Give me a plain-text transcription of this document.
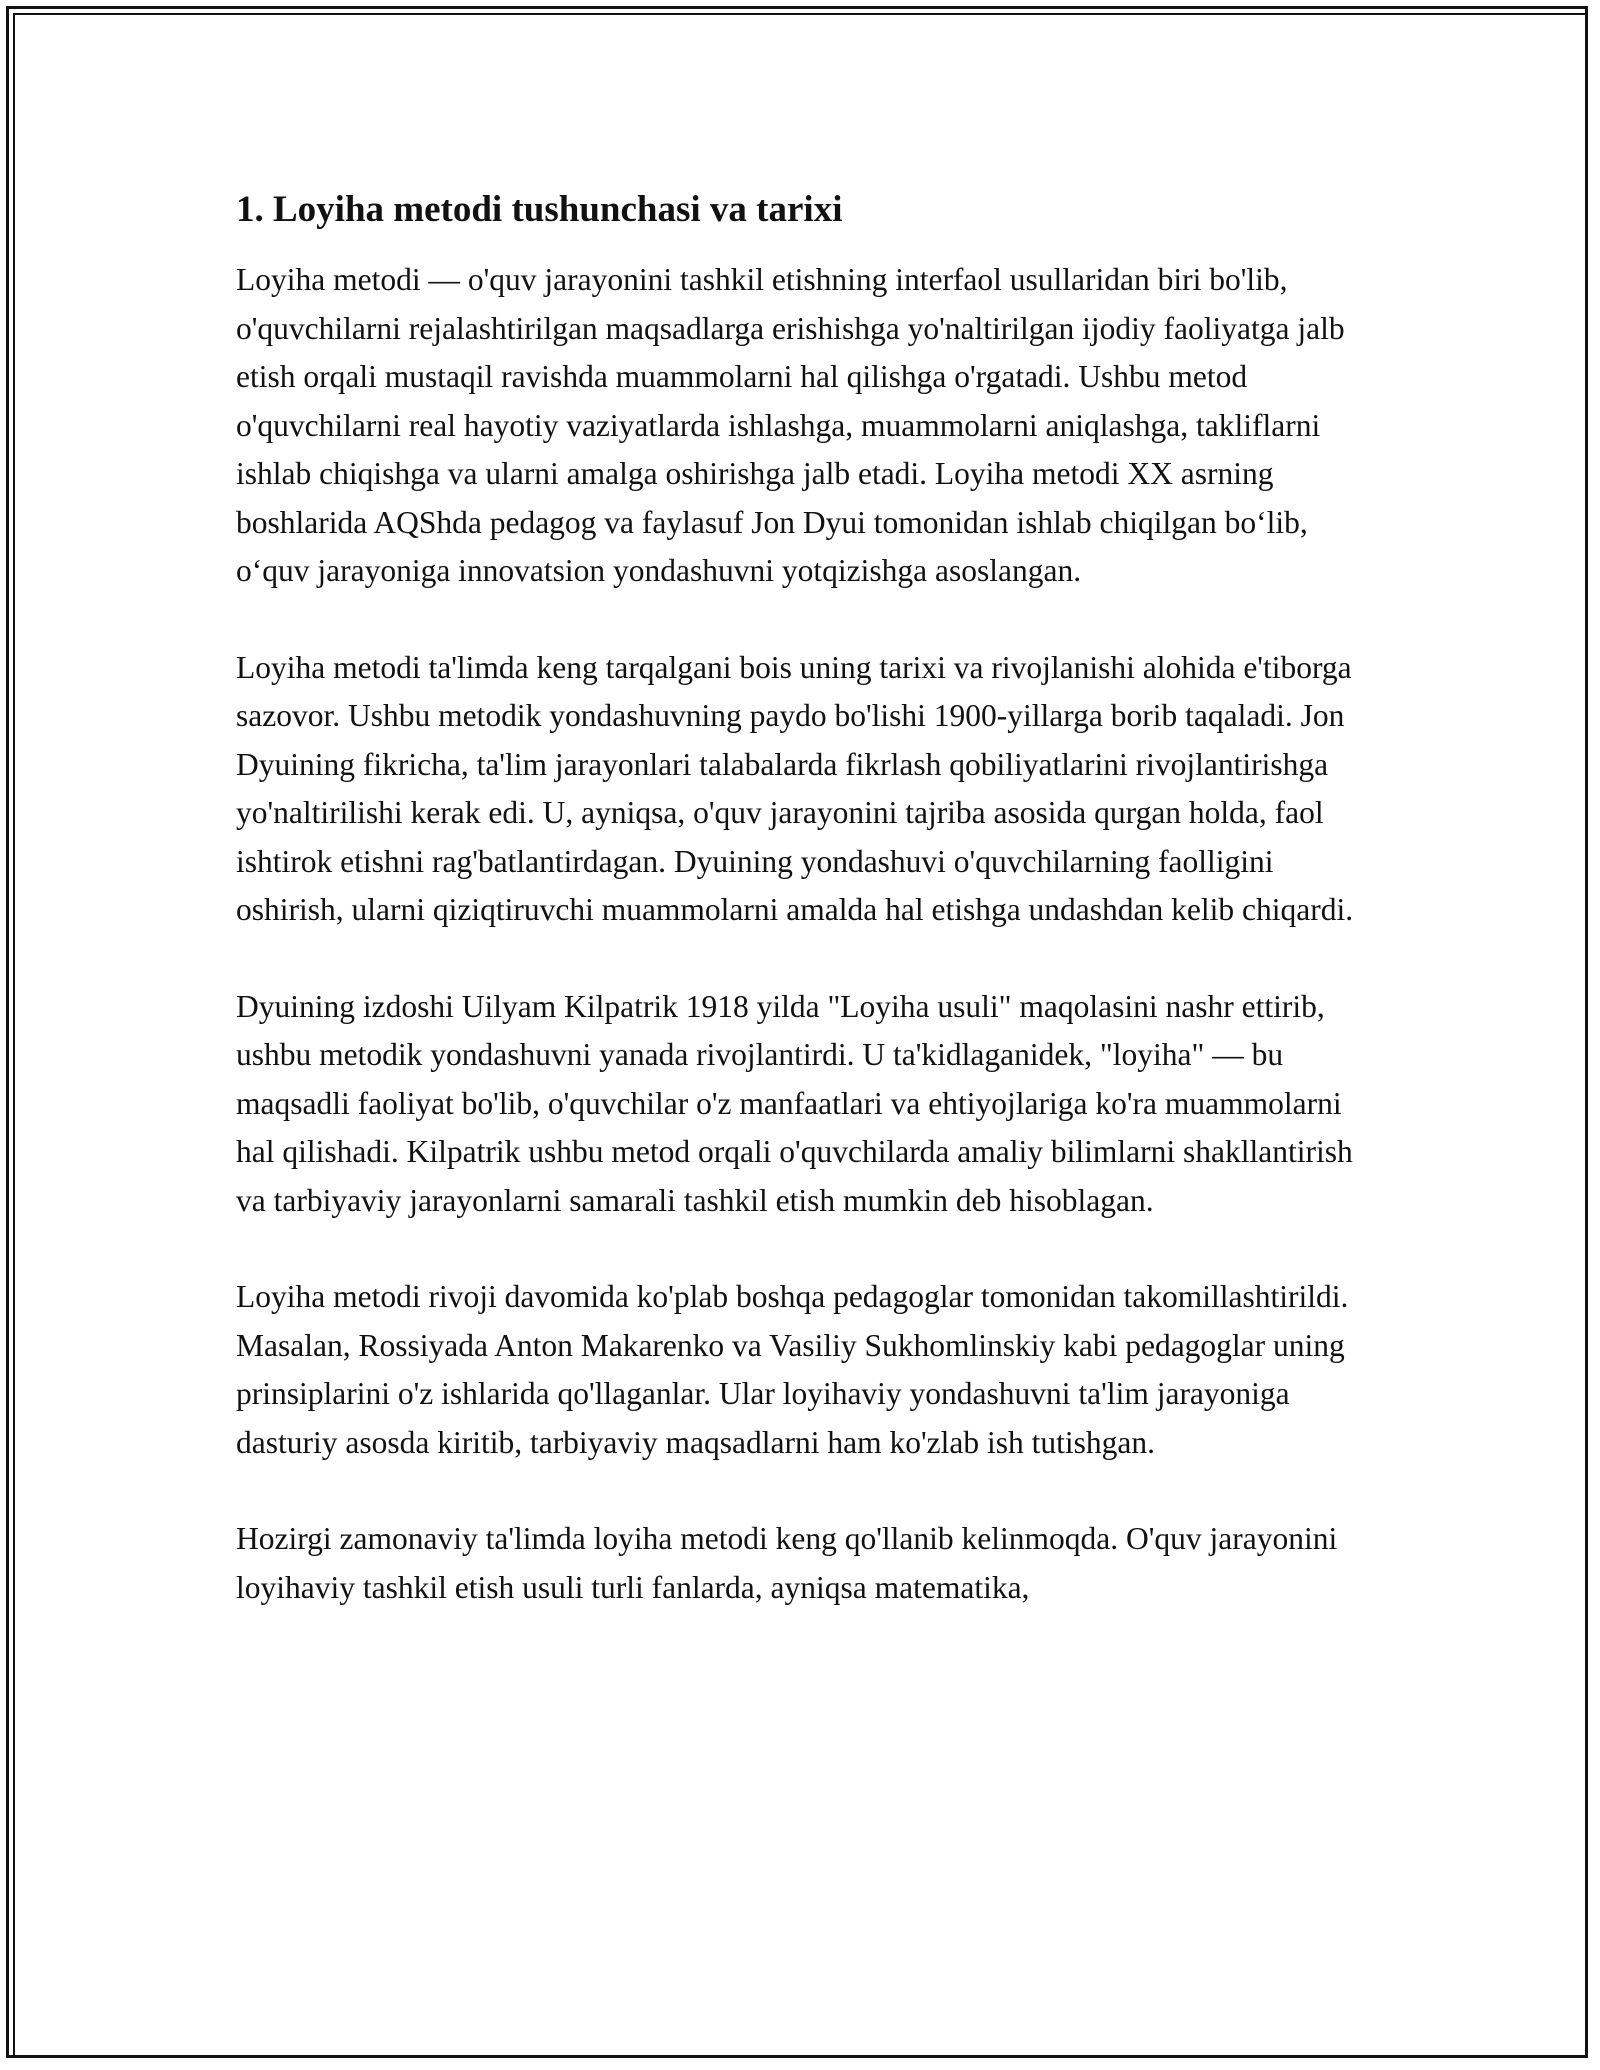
1. Loyiha metodi tushunchasi va tarixi

Loyiha metodi — o'quv jarayonini tashkil etishning interfaol usullaridan biri bo'lib, o'quvchilarni rejalashtirilgan maqsadlarga erishishga yo'naltirilgan ijodiy faoliyatga jalb etish orqali mustaqil ravishda muammolarni hal qilishga o'rgatadi. Ushbu metod o'quvchilarni real hayotiy vaziyatlarda ishlashga, muammolarni aniqlashga, takliflarni ishlab chiqishga va ularni amalga oshirishga jalb etadi. Loyiha metodi XX asrning boshlarida AQShda pedagog va faylasuf Jon Dyui tomonidan ishlab chiqilgan bo‘lib, o‘quv jarayoniga innovatsion yondashuvni yotqizishga asoslangan.

Loyiha metodi ta'limda keng tarqalgani bois uning tarixi va rivojlanishi alohida e'tiborga sazovor. Ushbu metodik yondashuvning paydo bo'lishi 1900-yillarga borib taqaladi. Jon Dyuining fikricha, ta'lim jarayonlari talabalarda fikrlash qobiliyatlarini rivojlantirishga yo'naltirilishi kerak edi. U, ayniqsa, o'quv jarayonini tajriba asosida qurgan holda, faol ishtirok etishni rag'batlantirdagan. Dyuining yondashuvi o'quvchilarning faolligini oshirish, ularni qiziqtiruvchi muammolarni amalda hal etishga undashdan kelib chiqardi.

Dyuining izdoshi Uilyam Kilpatrik 1918 yilda "Loyiha usuli" maqolasini nashr ettirib, ushbu metodik yondashuvni yanada rivojlantirdi. U ta'kidlaganidek, "loyiha" — bu maqsadli faoliyat bo'lib, o'quvchilar o'z manfaatlari va ehtiyojlariga ko'ra muammolarni hal qilishadi. Kilpatrik ushbu metod orqali o'quvchilarda amaliy bilimlarni shakllantirish va tarbiyaviy jarayonlarni samarali tashkil etish mumkin deb hisoblagan.

Loyiha metodi rivoji davomida ko'plab boshqa pedagoglar tomonidan takomillashtirildi. Masalan, Rossiyada Anton Makarenko va Vasiliy Sukhomlinskiy kabi pedagoglar uning prinsiplarini o'z ishlarida qo'llaganlar. Ular loyihaviy yondashuvni ta'lim jarayoniga dasturiy asosda kiritib, tarbiyaviy maqsadlarni ham ko'zlab ish tutishgan.

Hozirgi zamonaviy ta'limda loyiha metodi keng qo'llanib kelinmoqda. O'quv jarayonini loyihaviy tashkil etish usuli turli fanlarda, ayniqsa matematika,
